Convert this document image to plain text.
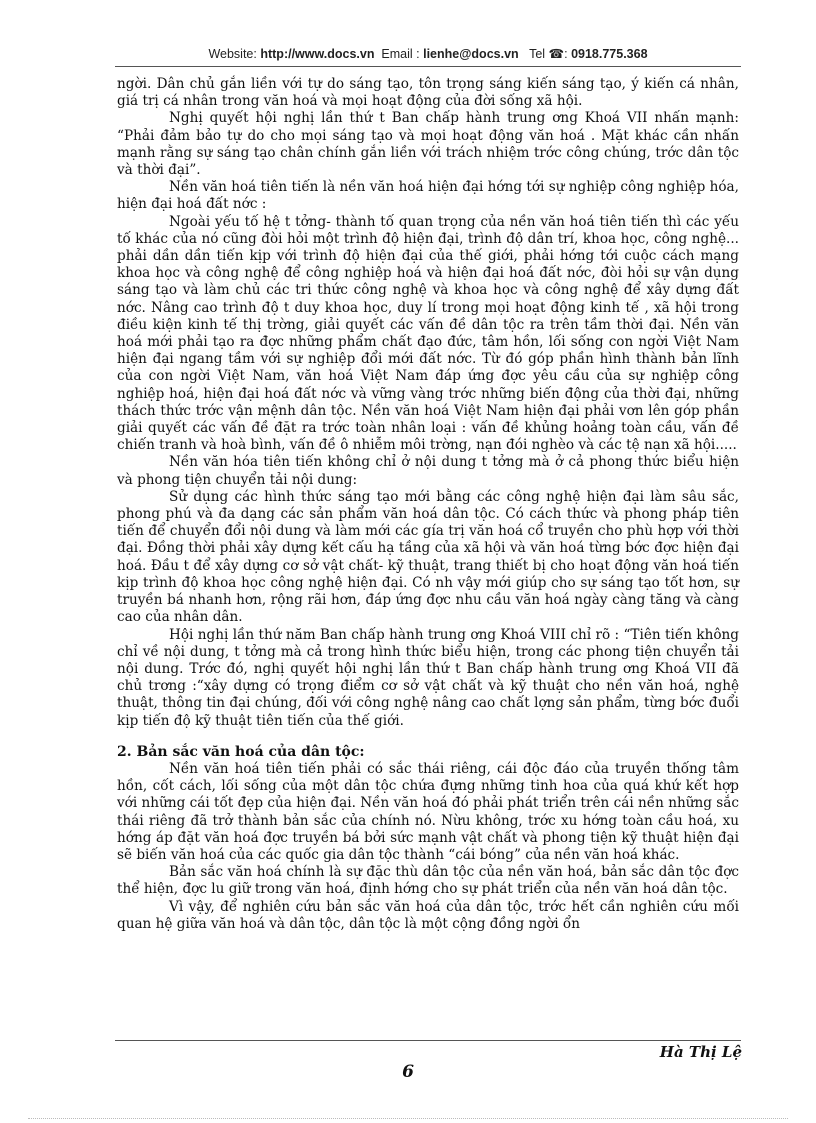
Website: http://www.docs.vn Email : lienhe@docs.vn Tel ☎: 0918.775.368

ngời. Dân chủ gắn liền với tự do sáng tạo, tôn trọng sáng kiến sáng tạo, ý kiến cá nhân, giá trị cá nhân trong văn hoá và mọi hoạt động của đời sống xã hội.

Nghị quyết hội nghị lần thứ t Ban chấp hành trung ơng Khoá VII nhấn mạnh: “Phải đảm bảo tự do cho mọi sáng tạo và mọi hoạt động văn hoá . Mặt khác cần nhấn mạnh rằng sự sáng tạo chân chính gắn liền với trách nhiệm trớc công chúng, trớc dân tộc và thời đại”.

Nền văn hoá tiên tiến là nền văn hoá hiện đại hớng tới sự nghiệp công nghiệp hóa, hiện đại hoá đất nớc :

Ngoài yếu tố hệ t tởng- thành tố quan trọng của nền văn hoá tiên tiến thì các yếu tố khác của nó cũng đòi hỏi một trình độ hiện đại, trình độ dân trí, khoa học, công nghệ... phải dần dần tiến kịp với trình độ hiện đại của thế giới, phải hớng tới cuộc cách mạng khoa học và công nghệ để công nghiệp hoá và hiện đại hoá đất nớc, đòi hỏi sự vận dụng sáng tạo và làm chủ các tri thức công nghệ và khoa học và công nghệ để xây dựng đất nớc. Nâng cao trình độ t duy khoa học, duy lí trong mọi hoạt động kinh tế , xã hội trong điều kiện kinh tế thị trờng, giải quyết các vấn đề dân tộc ra trên tầm thời đại. Nền văn hoá mới phải tạo ra đợc những phẩm chất đạo đức, tâm hồn, lối sống con ngời Việt Nam hiện đại ngang tầm với sự nghiệp đổi mới đất nớc. Từ đó góp phần hình thành bản lĩnh của con ngời Việt Nam, văn hoá Việt Nam đáp ứng đợc yêu cầu của sự nghiệp công nghiệp hoá, hiện đại hoá đất nớc và vững vàng trớc những biến động của thời đại, những thách thức trớc vận mệnh dân tộc. Nền văn hoá Việt Nam hiện đại phải vơn lên góp phần giải quyết các vấn đề đặt ra trớc toàn nhân loại : vấn đề khủng hoảng toàn cầu, vấn đề chiến tranh và hoà bình, vấn đề ô nhiễm môi trờng, nạn đói nghèo và các tệ nạn xã hội.....

Nền văn hóa tiên tiến không chỉ ở nội dung t tởng mà ở cả phong thức biểu hiện và phong tiện chuyển tải nội dung:

Sử dụng các hình thức sáng tạo mới bằng các công nghệ hiện đại làm sâu sắc, phong phú và đa dạng các sản phẩm văn hoá dân tộc. Có cách thức và phong pháp tiên tiến để chuyển đổi nội dung và làm mới các gía trị văn hoá cổ truyền cho phù hợp với thời đại. Đồng thời phải xây dựng kết cấu hạ tầng của xã hội và văn hoá từng bớc đợc hiện đại hoá. Đầu t để xây dựng cơ sở vật chất- kỹ thuật, trang thiết bị cho hoạt động văn hoá tiến kịp trình độ khoa học công nghệ hiện đại. Có nh vậy mới giúp cho sự sáng tạo tốt hơn, sự truyền bá nhanh hơn, rộng rãi hơn, đáp ứng đợc nhu cầu văn hoá ngày càng tăng và càng cao của nhân dân.

Hội nghị lần thứ năm Ban chấp hành trung ơng Khoá VIII chỉ rõ : “Tiên tiến không chỉ về nội dung, t tởng mà cả trong hình thức biểu hiện, trong các phong tiện chuyển tải nội dung. Trớc đó, nghị quyết hội nghị lần thứ t Ban chấp hành trung ơng Khoá VII đã chủ trơng :“xây dựng có trọng điểm cơ sở vật chất và kỹ thuật cho nền văn hoá, nghệ thuật, thông tin đại chúng, đối với công nghệ nâng cao chất lợng sản phẩm, từng bớc đuổi kịp tiến độ kỹ thuật tiên tiến của thế giới.

2. Bản sắc văn hoá của dân tộc:

Nền văn hoá tiên tiến phải có sắc thái riêng, cái độc đáo của truyền thống tâm hồn, cốt cách, lối sống của một dân tộc chứa đựng những tinh hoa của quá khứ kết hợp với những cái tốt đẹp của hiện đại. Nền văn hoá đó phải phát triển trên cái nền những sắc thái riêng đã trở thành bản sắc của chính nó. Nừu không, trớc xu hớng toàn cầu hoá, xu hớng áp đặt văn hoá đợc truyền bá bởi sức mạnh vật chất và phong tiện kỹ thuật hiện đại sẽ biến văn hoá của các quốc gia dân tộc thành “cái bóng” của nền văn hoá khác.

Bản sắc văn hoá chính là sự đặc thù dân tộc của nền văn hoá, bản sắc dân tộc đợc thể hiện, đợc lu giữ trong văn hoá, định hớng cho sự phát triển của nền văn hoá dân tộc.

Vì vậy, để nghiên cứu bản sắc văn hoá của dân tộc, trớc hết cần nghiên cứu mối quan hệ giữa văn hoá và dân tộc, dân tộc là một cộng đồng ngời ổn

Hà Thị Lệ
6
